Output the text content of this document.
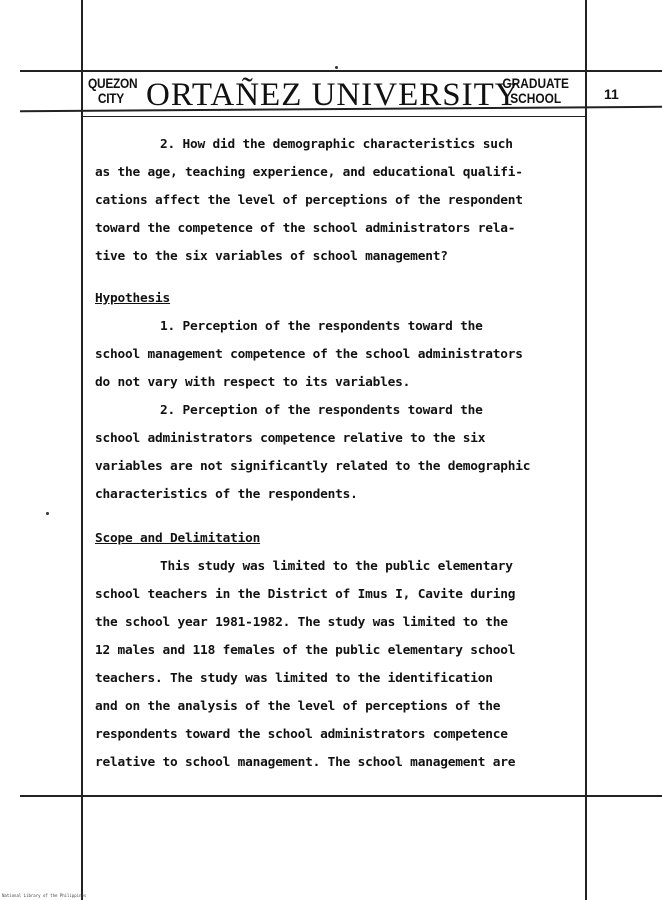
QUEZON
CITY ORTAÑEZ UNIVERSITY
GRADUATE
SCHOOL	11
2. How did the demographic characteristics such
as the age, teaching experience, and educational qualifi-
cations affect the level of perceptions of the respondent
toward the competence of the school administrators rela-
tive to the six variables of school management?
Hypothesis
1. Perception of the respondents toward the
school management competence of the school administrators
do not vary with respect to its variables.
2. Perception of the respondents toward the
school administrators competence relative to the six
variables are not significantly related to the demographic
characteristics of the respondents.
Scope and Delimitation
This study was limited to the public elementary
school teachers in the District of Imus I, Cavite during
the school year 1981-1982. The study was limited to the
12 males and 118 females of the public elementary school
teachers. The study was limited to the identification
and on the analysis of the level of perceptions of the
respondents toward the school administrators competence
relative to school management. The school management are
National Library of the Philippines
